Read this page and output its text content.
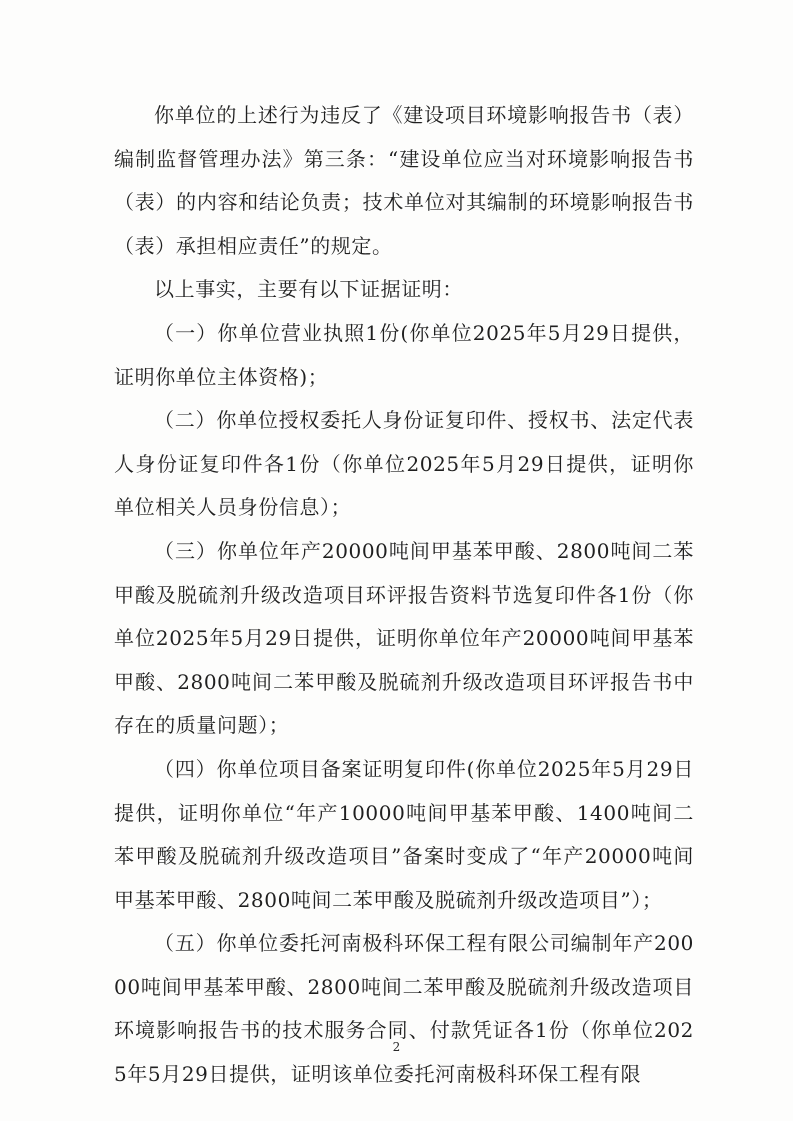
你单位的上述行为违反了《建设项目环境影响报告书（表）编制监督管理办法》第三条：“建设单位应当对环境影响报告书（表）的内容和结论负责；技术单位对其编制的环境影响报告书（表）承担相应责任”的规定。

以上事实，主要有以下证据证明：

（一）你单位营业执照1份(你单位2025年5月29日提供，证明你单位主体资格)；

（二）你单位授权委托人身份证复印件、授权书、法定代表人身份证复印件各1份（你单位2025年5月29日提供，证明你单位相关人员身份信息）；

（三）你单位年产20000吨间甲基苯甲酸、2800吨间二苯甲酸及脱硫剂升级改造项目环评报告资料节选复印件各1份（你单位2025年5月29日提供，证明你单位年产20000吨间甲基苯甲酸、2800吨间二苯甲酸及脱硫剂升级改造项目环评报告书中存在的质量问题）；

（四）你单位项目备案证明复印件(你单位2025年5月29日提供，证明你单位“年产10000吨间甲基苯甲酸、1400吨间二苯甲酸及脱硫剂升级改造项目”备案时变成了“年产20000吨间甲基苯甲酸、2800吨间二苯甲酸及脱硫剂升级改造项目”）；

（五）你单位委托河南极科环保工程有限公司编制年产20000吨间甲基苯甲酸、2800吨间二苯甲酸及脱硫剂升级改造项目环境影响报告书的技术服务合同、付款凭证各1份（你单位2025年5月29日提供，证明该单位委托河南极科环保工程有限

2
